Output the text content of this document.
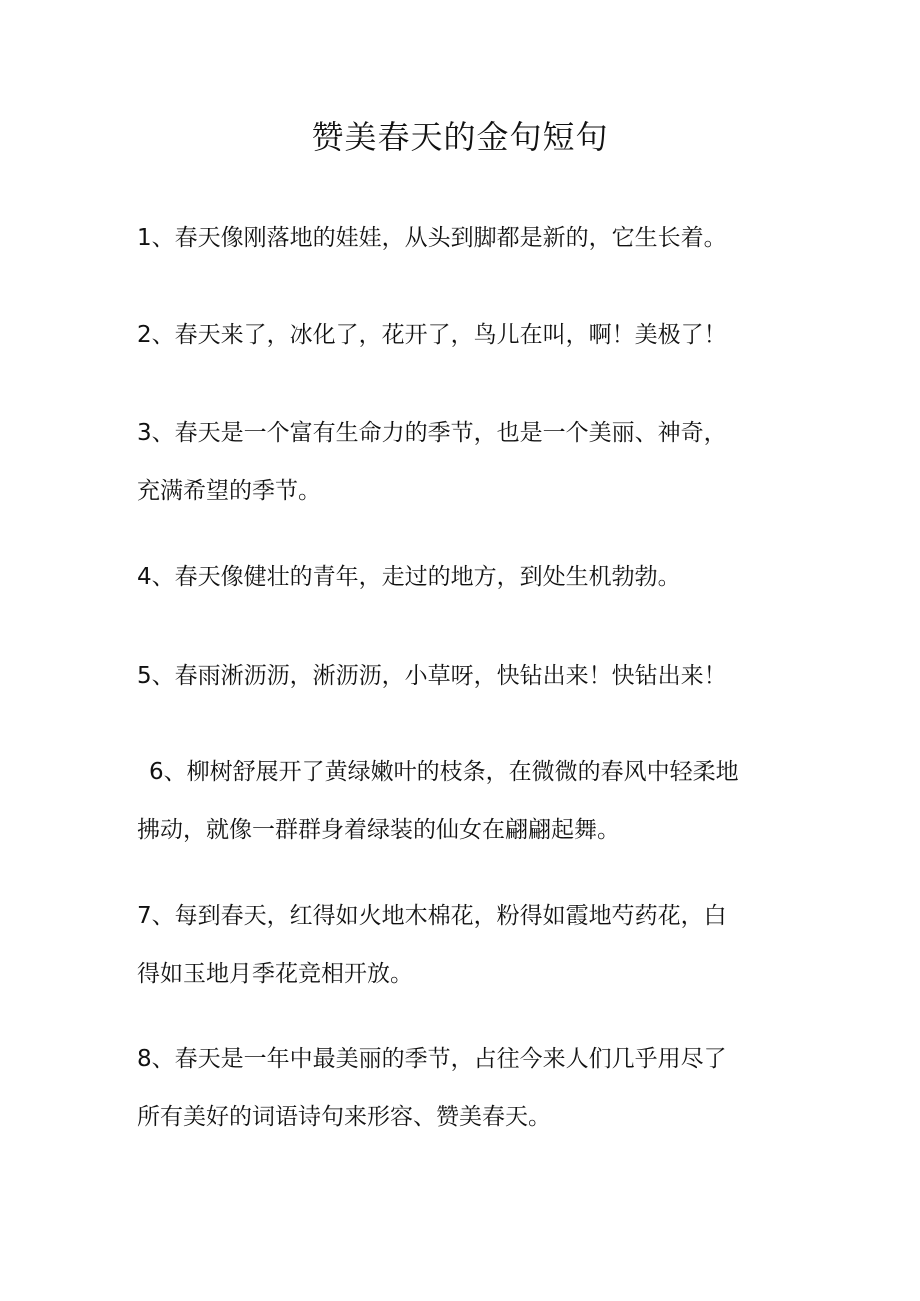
赞美春天的金句短句

1、春天像刚落地的娃娃，从头到脚都是新的，它生长着。

2、春天来了，冰化了，花开了，鸟儿在叫，啊！美极了！

3、春天是一个富有生命力的季节，也是一个美丽、神奇，
充满希望的季节。

4、春天像健壮的青年，走过的地方，到处生机勃勃。

5、春雨淅沥沥，淅沥沥，小草呀，快钻出来！快钻出来！

6、柳树舒展开了黄绿嫩叶的枝条，在微微的春风中轻柔地
拂动，就像一群群身着绿装的仙女在翩翩起舞。

7、每到春天，红得如火地木棉花，粉得如霞地芍药花，白
得如玉地月季花竞相开放。

8、春天是一年中最美丽的季节，占往今来人们几乎用尽了
所有美好的词语诗句来形容、赞美春天。
